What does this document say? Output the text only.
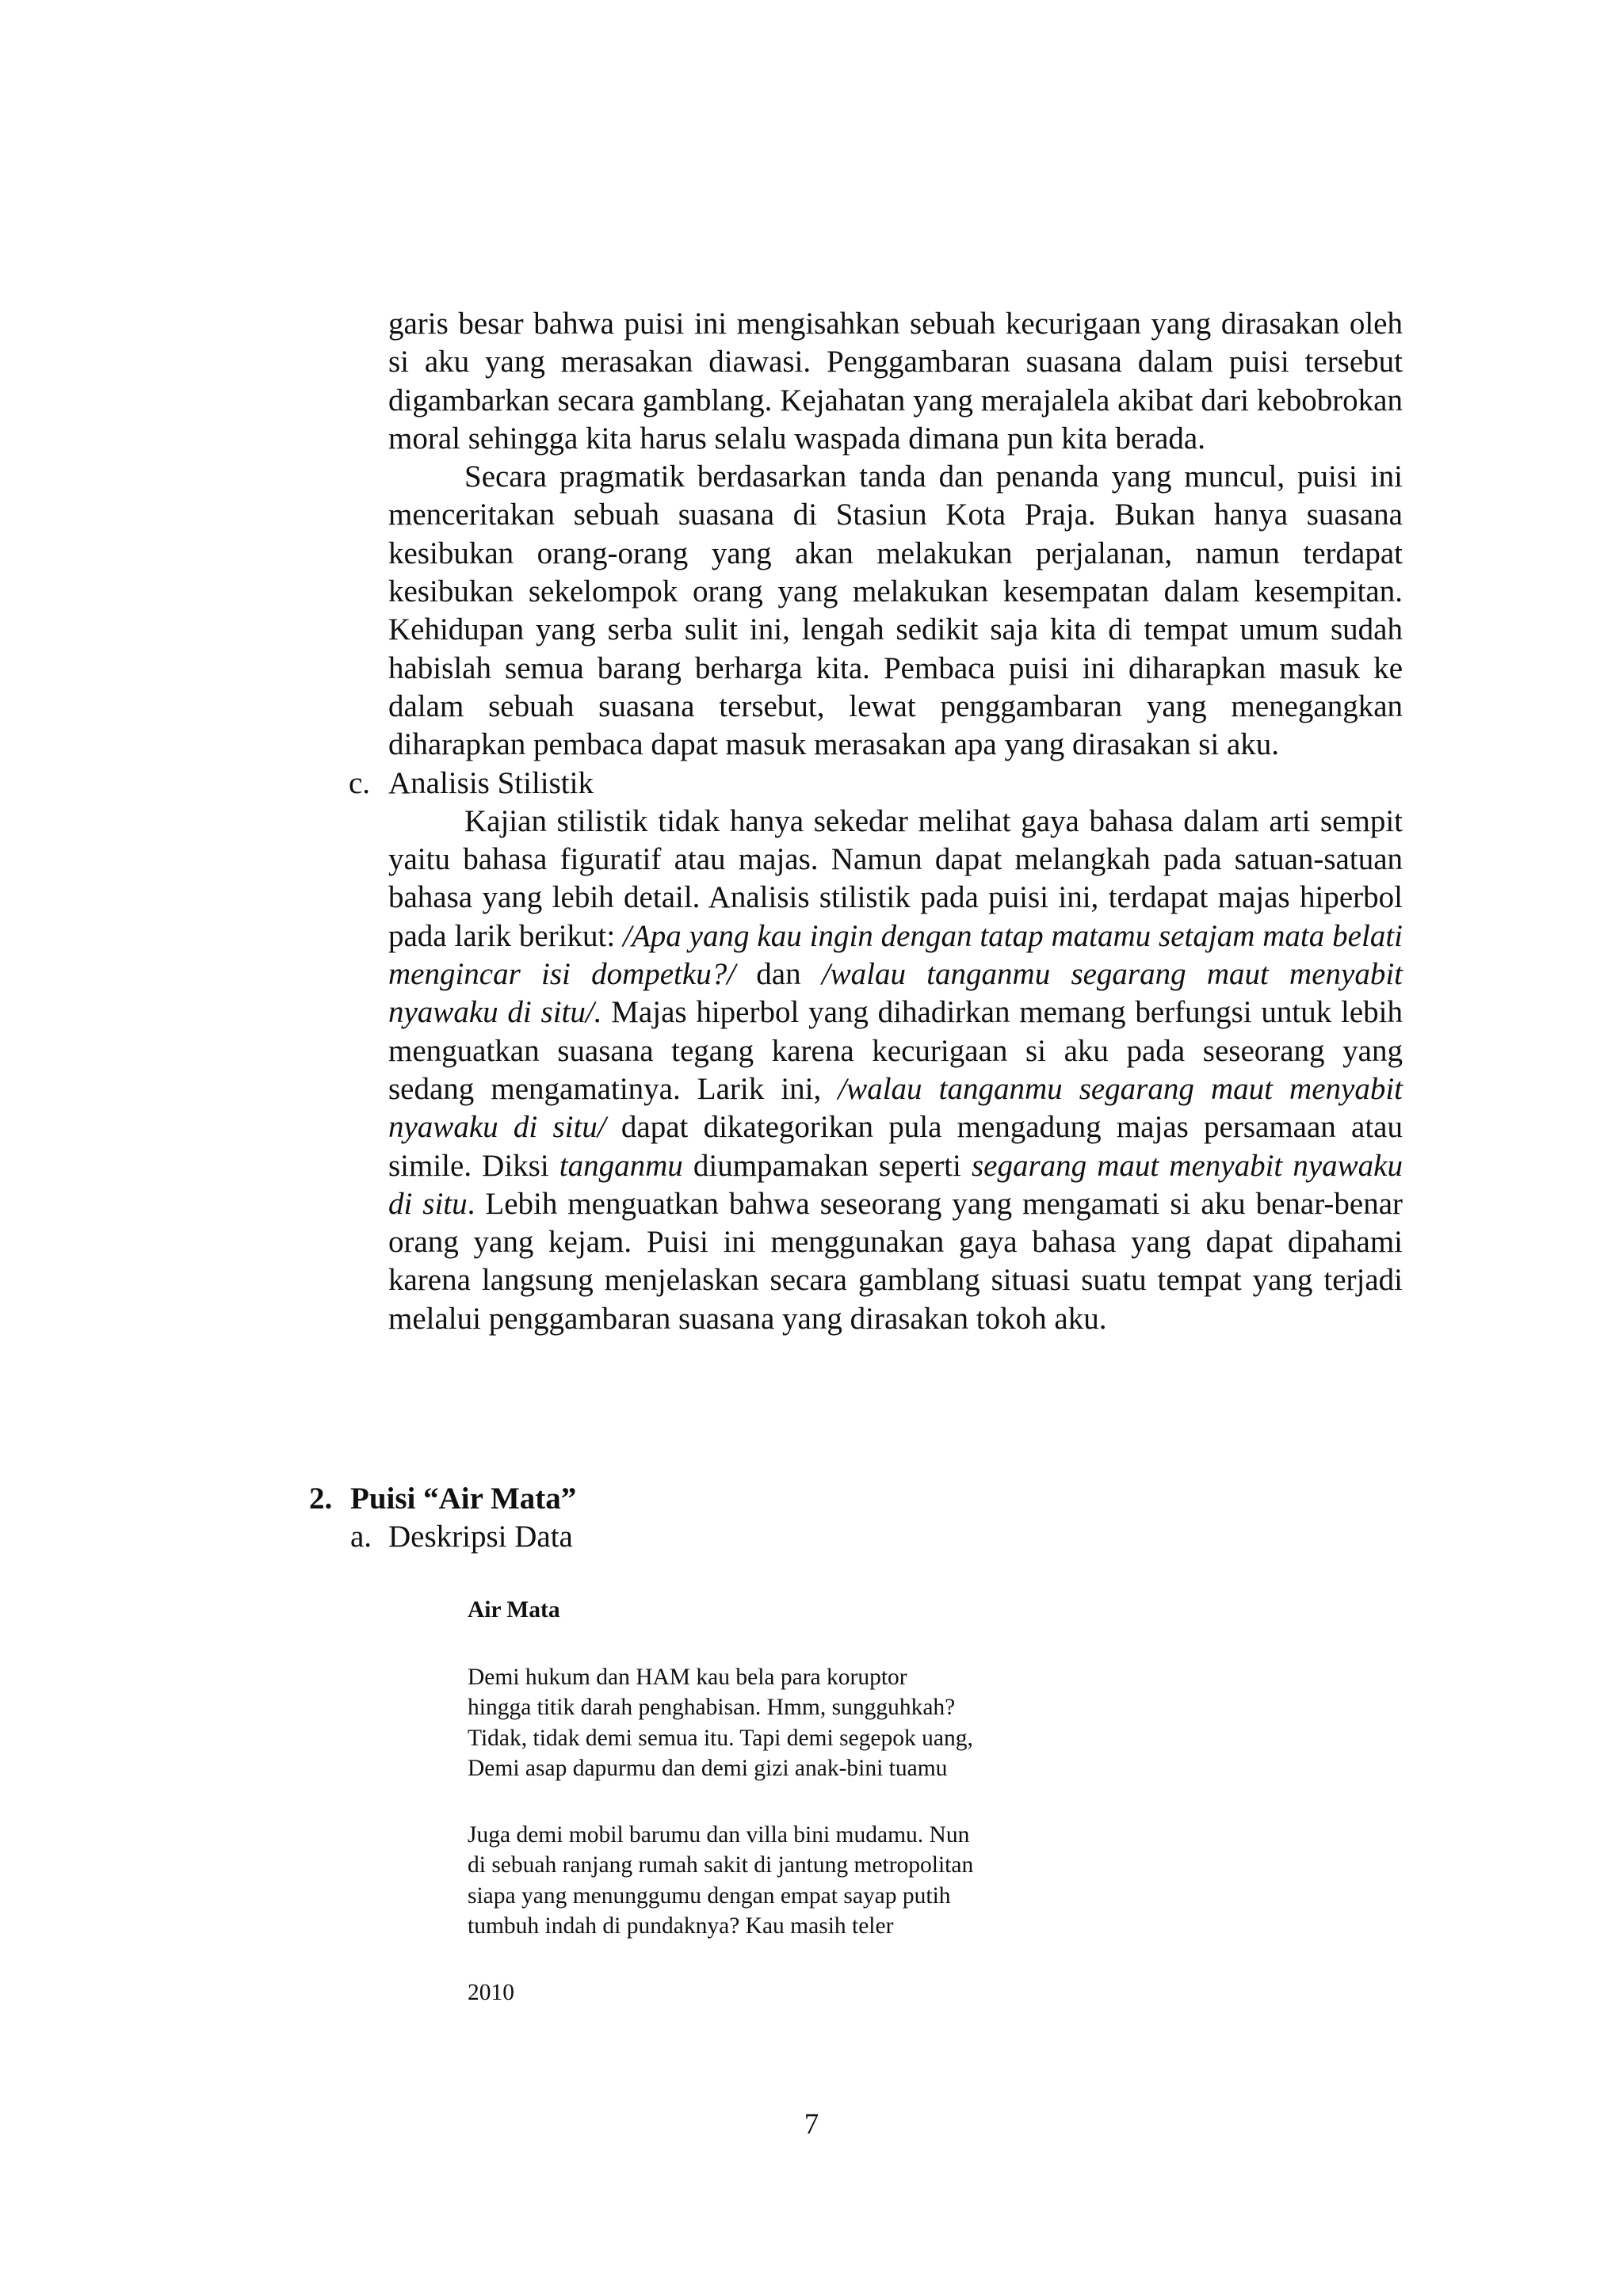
garis besar bahwa puisi ini mengisahkan sebuah kecurigaan yang dirasakan oleh si aku yang merasakan diawasi. Penggambaran suasana dalam puisi tersebut digambarkan secara gamblang. Kejahatan yang merajalela akibat dari kebobrokan moral sehingga kita harus selalu waspada dimana pun kita berada.

Secara pragmatik berdasarkan tanda dan penanda yang muncul, puisi ini menceritakan sebuah suasana di Stasiun Kota Praja. Bukan hanya suasana kesibukan orang-orang yang akan melakukan perjalanan, namun terdapat kesibukan sekelompok orang yang melakukan kesempatan dalam kesempitan. Kehidupan yang serba sulit ini, lengah sedikit saja kita di tempat umum sudah habislah semua barang berharga kita. Pembaca puisi ini diharapkan masuk ke dalam sebuah suasana tersebut, lewat penggambaran yang menegangkan diharapkan pembaca dapat masuk merasakan apa yang dirasakan si aku.

c. Analisis Stilistik

Kajian stilistik tidak hanya sekedar melihat gaya bahasa dalam arti sempit yaitu bahasa figuratif atau majas. Namun dapat melangkah pada satuan-satuan bahasa yang lebih detail. Analisis stilistik pada puisi ini, terdapat majas hiperbol pada larik berikut: /Apa yang kau ingin dengan tatap matamu setajam mata belati mengincar isi dompetku?/ dan /walau tanganmu segarang maut menyabit nyawaku di situ/. Majas hiperbol yang dihadirkan memang berfungsi untuk lebih menguatkan suasana tegang karena kecurigaan si aku pada seseorang yang sedang mengamatinya. Larik ini, /walau tanganmu segarang maut menyabit nyawaku di situ/ dapat dikategorikan pula mengadung majas persamaan atau simile. Diksi tanganmu diumpamakan seperti segarang maut menyabit nyawaku di situ. Lebih menguatkan bahwa seseorang yang mengamati si aku benar-benar orang yang kejam. Puisi ini menggunakan gaya bahasa yang dapat dipahami karena langsung menjelaskan secara gamblang situasi suatu tempat yang terjadi melalui penggambaran suasana yang dirasakan tokoh aku.

2. Puisi “Air Mata”

a. Deskripsi Data

Air Mata

Demi hukum dan HAM kau bela para koruptor
hingga titik darah penghabisan. Hmm, sungguhkah?
Tidak, tidak demi semua itu. Tapi demi segepok uang,
Demi asap dapurmu dan demi gizi anak-bini tuamu
Juga demi mobil barumu dan villa bini mudamu. Nun
di sebuah ranjang rumah sakit di jantung metropolitan
siapa yang menunggumu dengan empat sayap putih
tumbuh indah di pundaknya? Kau masih teler

2010

7
